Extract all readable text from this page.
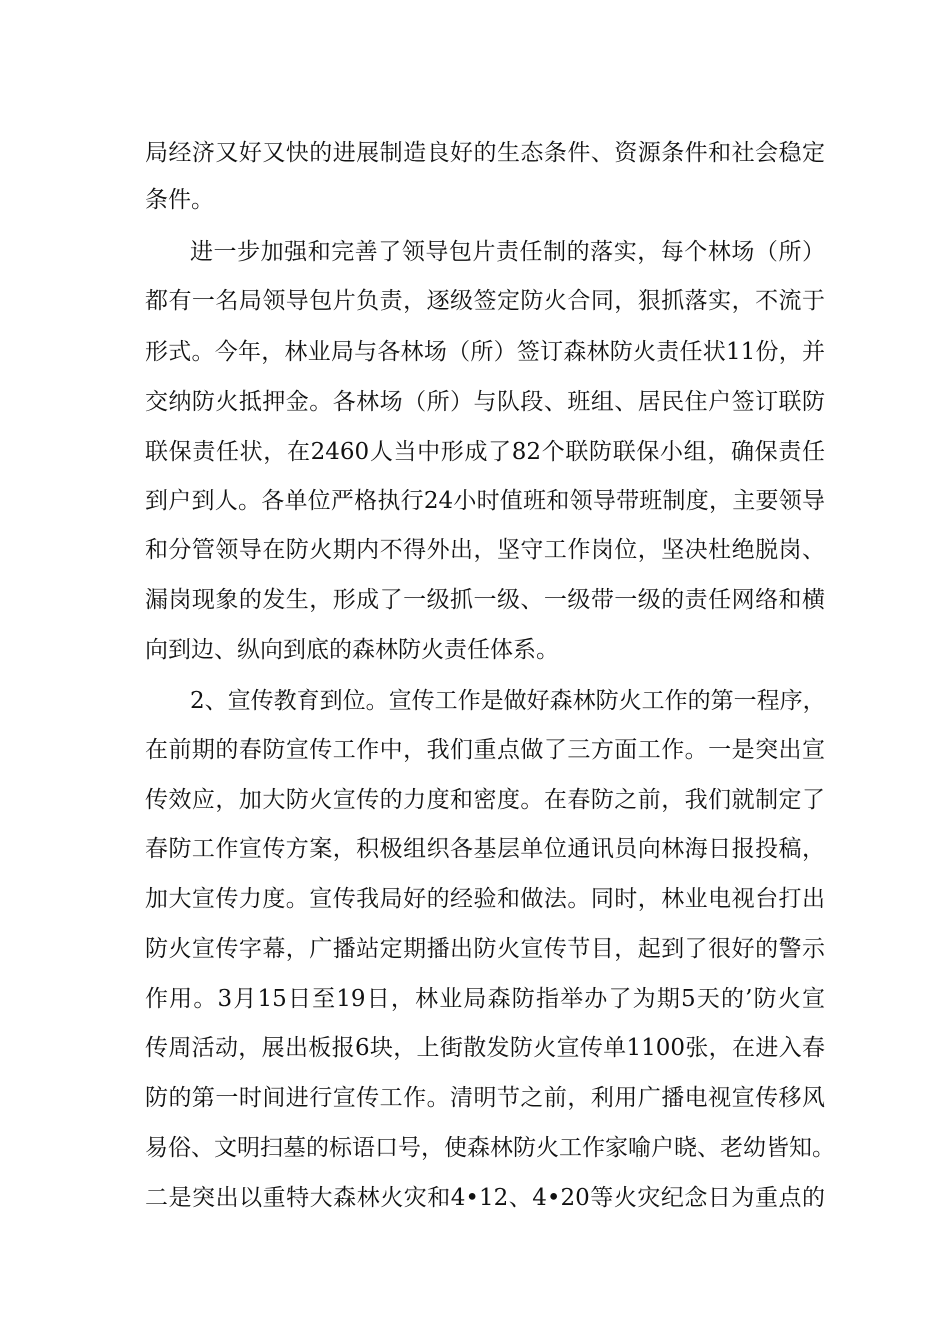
局经济又好又快的进展制造良好的生态条件、资源条件和社会稳定
条件。
进一步加强和完善了领导包片责任制的落实，每个林场（所）
都有一名局领导包片负责，逐级签定防火合同，狠抓落实，不流于
形式。今年，林业局与各林场（所）签订森林防火责任状11份，并
交纳防火抵押金。各林场（所）与队段、班组、居民住户签订联防
联保责任状，在2460人当中形成了82个联防联保小组，确保责任
到户到人。各单位严格执行24小时值班和领导带班制度，主要领导
和分管领导在防火期内不得外出，坚守工作岗位，坚决杜绝脱岗、
漏岗现象的发生，形成了一级抓一级、一级带一级的责任网络和横
向到边、纵向到底的森林防火责任体系。
2、宣传教育到位。宣传工作是做好森林防火工作的第一程序，
在前期的春防宣传工作中，我们重点做了三方面工作。一是突出宣
传效应，加大防火宣传的力度和密度。在春防之前，我们就制定了
春防工作宣传方案，积极组织各基层单位通讯员向林海日报投稿，
加大宣传力度。宣传我局好的经验和做法。同时，林业电视台打出
防火宣传字幕，广播站定期播出防火宣传节目，起到了很好的警示
作用。3月15日至19日，林业局森防指举办了为期5天的’防火宣
传周活动，展出板报6块，上街散发防火宣传单1100张，在进入春
防的第一时间进行宣传工作。清明节之前，利用广播电视宣传移风
易俗、文明扫墓的标语口号，使森林防火工作家喻户晓、老幼皆知。
二是突出以重特大森林火灾和4•12、4•20等火灾纪念日为重点的
